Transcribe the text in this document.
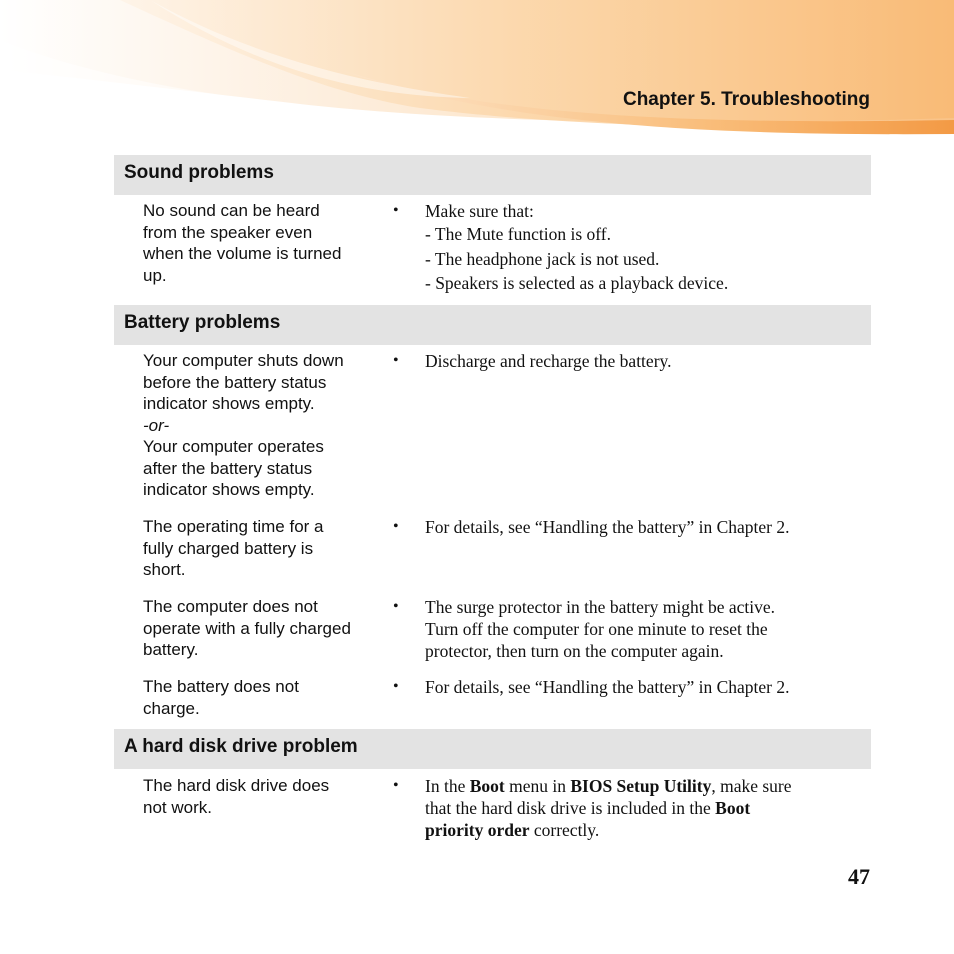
Chapter 5. Troubleshooting
Sound problems
No sound can be heard
from the speaker even
when the volume is turned
up.
• Make sure that:
- The Mute function is off.
- The headphone jack is not used.
- Speakers is selected as a playback device.
Battery problems
Your computer shuts down
before the battery status
indicator shows empty.
-or-
Your computer operates
after the battery status
indicator shows empty.
• Discharge and recharge the battery.
The operating time for a
fully charged battery is
short.
• For details, see “Handling the battery” in Chapter 2.
The computer does not
operate with a fully charged
battery.
• The surge protector in the battery might be active.
Turn off the computer for one minute to reset the
protector, then turn on the computer again.
The battery does not
charge.
• For details, see “Handling the battery” in Chapter 2.
A hard disk drive problem
The hard disk drive does
not work.
• In the Boot menu in BIOS Setup Utility, make sure
that the hard disk drive is included in the Boot
priority order correctly.
47
